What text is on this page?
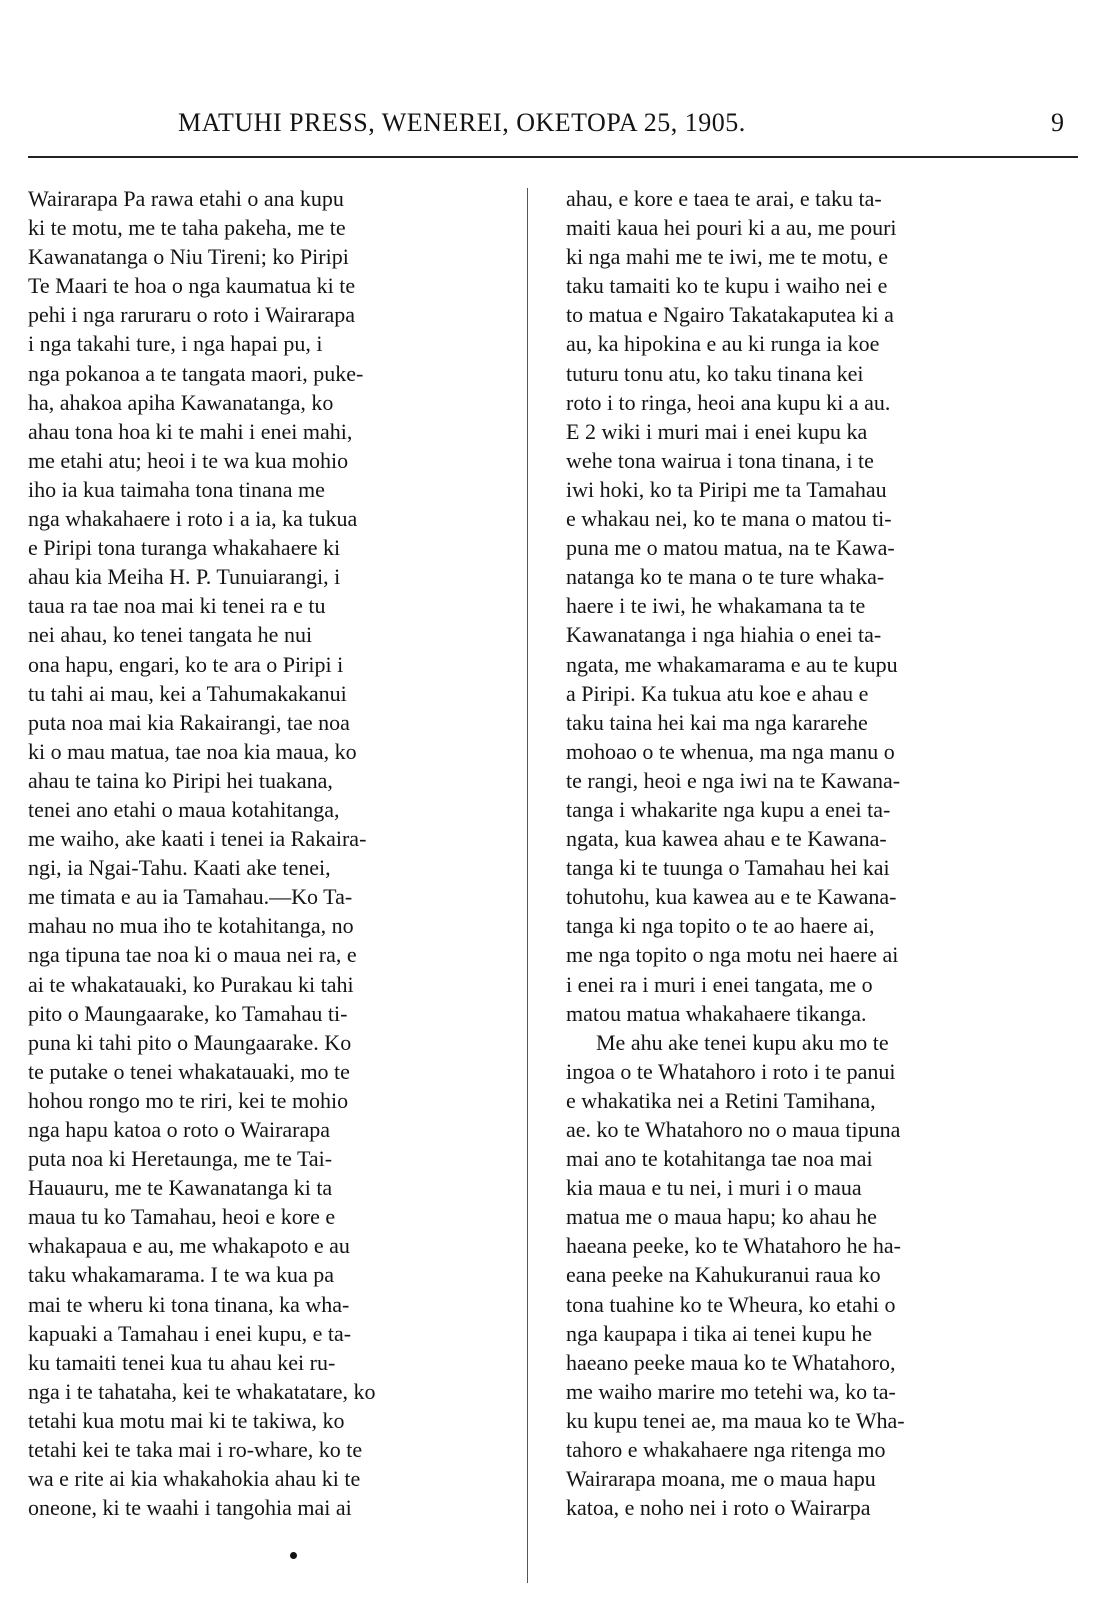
MATUHI PRESS, WENEREI, OKETOPA 25, 1905.	9
Wairarapa Pa rawa etahi o ana kupu
ki te motu, me te taha pakeha, me te
Kawanatanga o Niu Tireni; ko Piripi
Te Maari te hoa o nga kaumatua ki te
pehi i nga raruraru o roto i Wairarapa
i nga takahi ture, i nga hapai pu, i
nga pokanoa a te tangata maori, puke-
ha, ahakoa apiha Kawanatanga, ko
ahau tona hoa ki te mahi i enei mahi,
me etahi atu; heoi i te wa kua mohio
iho ia kua taimaha tona tinana me
nga whakahaere i roto i a ia, ka tukua
e Piripi tona turanga whakahaere ki
ahau kia Meiha H. P. Tunuiarangi, i
taua ra tae noa mai ki tenei ra e tu
nei ahau, ko tenei tangata he nui
ona hapu, engari, ko te ara o Piripi i
tu tahi ai mau, kei a Tahumakakanui
puta noa mai kia Rakairangi, tae noa
ki o mau matua, tae noa kia maua, ko
ahau te taina ko Piripi hei tuakana,
tenei ano etahi o maua kotahitanga,
me waiho, ake kaati i tenei ia Rakaira-
ngi, ia Ngai-Tahu. Kaati ake tenei,
me timata e au ia Tamahau.—Ko Ta-
mahau no mua iho te kotahitanga, no
nga tipuna tae noa ki o maua nei ra, e
ai te whakatauaki, ko Purakau ki tahi
pito o Maungaarake, ko Tamahau ti-
puna ki tahi pito o Maungaarake. Ko
te putake o tenei whakatauaki, mo te
hohou rongo mo te riri, kei te mohio
nga hapu katoa o roto o Wairarapa
puta noa ki Heretaunga, me te Tai-
Hauauru, me te Kawanatanga ki ta
maua tu ko Tamahau, heoi e kore e
whakapaua e au, me whakapoto e au
taku whakamarama. I te wa kua pa
mai te wheru ki tona tinana, ka wha-
kapuaki a Tamahau i enei kupu, e ta-
ku tamaiti tenei kua tu ahau kei ru-
nga i te tahataha, kei te whakatatare, ko
tetahi kua motu mai ki te takiwa, ko
tetahi kei te taka mai i ro-whare, ko te
wa e rite ai kia whakahokia ahau ki te
oneone, ki te waahi i tangohia mai ai
ahau, e kore e taea te arai, e taku ta-
maiti kaua hei pouri ki a au, me pouri
ki nga mahi me te iwi, me te motu, e
taku tamaiti ko te kupu i waiho nei e
to matua e Ngairo Takatakaputea ki a
au, ka hipokina e au ki runga ia koe
tuturu tonu atu, ko taku tinana kei
roto i to ringa, heoi ana kupu ki a au.
E 2 wiki i muri mai i enei kupu ka
wehe tona wairua i tona tinana, i te
iwi hoki, ko ta Piripi me ta Tamahau
e whakau nei, ko te mana o matou ti-
puna me o matou matua, na te Kawa-
natanga ko te mana o te ture whaka-
haere i te iwi, he whakamana ta te
Kawanatanga i nga hiahia o enei ta-
ngata, me whakamarama e au te kupu
a Piripi. Ka tukua atu koe e ahau e
taku taina hei kai ma nga kararehe
mohoao o te whenua, ma nga manu o
te rangi, heoi e nga iwi na te Kawana-
tanga i whakarite nga kupu a enei ta-
ngata, kua kawea ahau e te Kawana-
tanga ki te tuunga o Tamahau hei kai
tohutohu, kua kawea au e te Kawana-
tanga ki nga topito o te ao haere ai,
me nga topito o nga motu nei haere ai
i enei ra i muri i enei tangata, me o
matou matua whakahaere tikanga.
Me ahu ake tenei kupu aku mo te
ingoa o te Whatahoro i roto i te panui
e whakatika nei a Retini Tamihana,
ae. ko te Whatahoro no o maua tipuna
mai ano te kotahitanga tae noa mai
kia maua e tu nei, i muri i o maua
matua me o maua hapu; ko ahau he
haeana peeke, ko te Whatahoro he ha-
eana peeke na Kahukuranui raua ko
tona tuahine ko te Wheura, ko etahi o
nga kaupapa i tika ai tenei kupu he
haeano peeke maua ko te Whatahoro,
me waiho marire mo tetehi wa, ko ta-
ku kupu tenei ae, ma maua ko te Wha-
tahoro e whakahaere nga ritenga mo
Wairarapa moana, me o maua hapu
katoa, e noho nei i roto o Wairarpa
